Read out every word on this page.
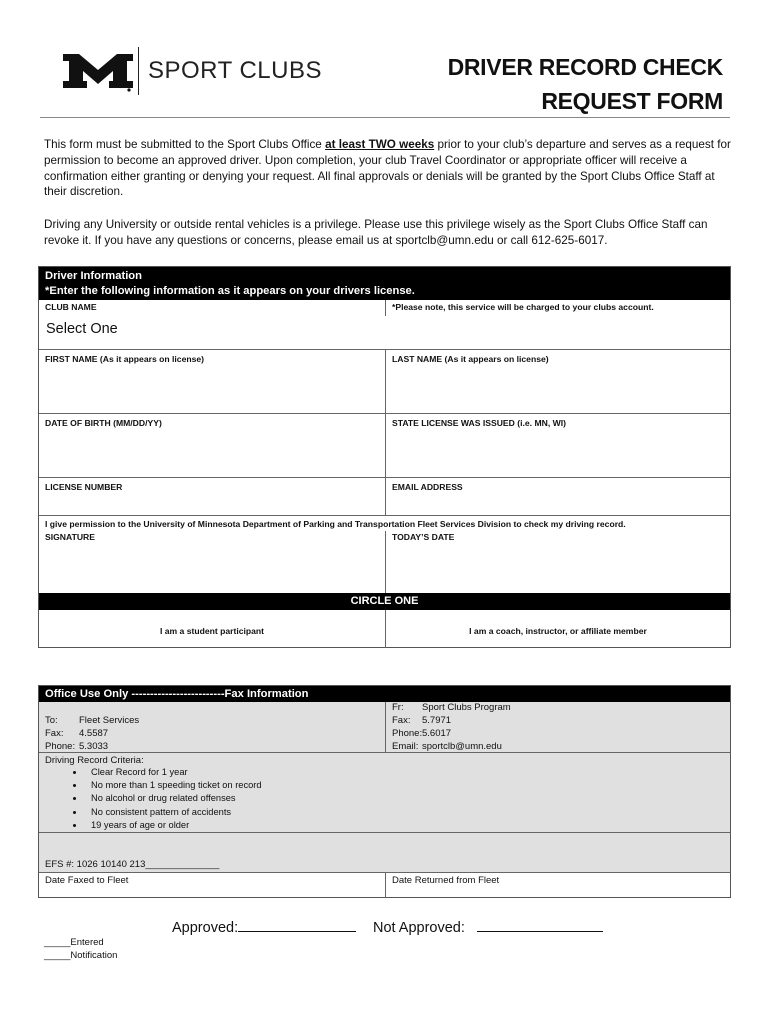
SPORT CLUBS	DRIVER RECORD CHECK
REQUEST FORM
This form must be submitted to the Sport Clubs Office at least TWO weeks prior to your club’s departure and serves as a request for permission to become an approved driver. Upon completion, your club Travel Coordinator or appropriate officer will receive a confirmation either granting or denying your request. All final approvals or denials will be granted by the Sport Clubs Office Staff at their discretion.
Driving any University or outside rental vehicles is a privilege. Please use this privilege wisely as the Sport Clubs Office Staff can revoke it. If you have any questions or concerns, please email us at sportclb@umn.edu or call 612-625-6017.
Driver Information
*Enter the following information as it appears on your drivers license.
CLUB NAME	*Please note, this service will be charged to your clubs account.
Select One
FIRST NAME (As it appears on license)	LAST NAME (As it appears on license)
DATE OF BIRTH (MM/DD/YY)	STATE LICENSE WAS ISSUED (i.e. MN, WI)
LICENSE NUMBER	EMAIL ADDRESS
I give permission to the University of Minnesota Department of Parking and Transportation Fleet Services Division to check my driving record.
SIGNATURE	TODAY’S DATE
CIRCLE ONE
I am a student participant	I am a coach, instructor, or affiliate member
Office Use Only -------------------------Fax Information
To: Fleet Services
Fax: 4.5587
Phone: 5.3033
Fr: Sport Clubs Program
Fax: 5.7971
Phone:5.6017
Email: sportclb@umn.edu
Driving Record Criteria:
• Clear Record for 1 year
• No more than 1 speeding ticket on record
• No alcohol or drug related offenses
• No consistent pattern of accidents
• 19 years of age or older
EFS #: 1026 10140 213______________
Date Faxed to Fleet	Date Returned from Fleet
Approved:	Not Approved:
_____Entered
_____Notification
